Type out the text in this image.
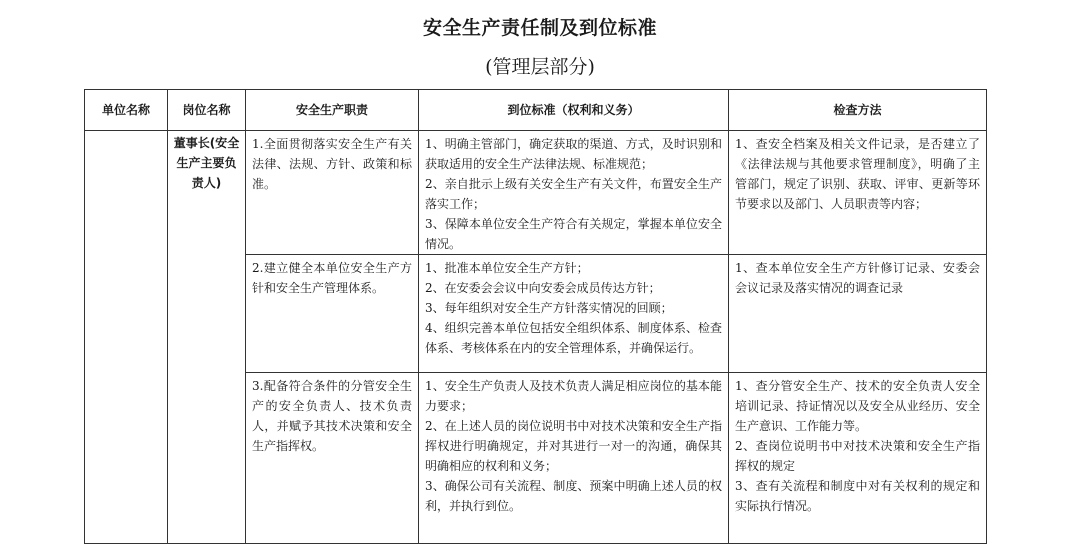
安全生产责任制及到位标准
(管理层部分)
单位名称	岗位名称	安全生产职责	到位标准（权利和义务）	检查方法

	董事长(安全生产主要负责人)	1.全面贯彻落实安全生产有关法律、法规、方针、政策和标准。	1、明确主管部门，确定获取的渠道、方式，及时识别和获取适用的安全生产法律法规、标准规范；
2、亲自批示上级有关安全生产有关文件，布置安全生产落实工作；
3、保障本单位安全生产符合有关规定，掌握本单位安全情况。	1、查安全档案及相关文件记录，是否建立了《法律法规与其他要求管理制度》，明确了主管部门，规定了识别、获取、评审、更新等环节要求以及部门、人员职责等内容；

		2.建立健全本单位安全生产方针和安全生产管理体系。	1、批准本单位安全生产方针；
2、在安委会会议中向安委会成员传达方针；
3、每年组织对安全生产方针落实情况的回顾；
4、组织完善本单位包括安全组织体系、制度体系、检查体系、考核体系在内的安全管理体系，并确保运行。	1、查本单位安全生产方针修订记录、安委会会议记录及落实情况的调查记录

		3.配备符合条件的分管安全生产的安全负责人、技术负责人，并赋予其技术决策和安全生产指挥权。	1、安全生产负责人及技术负责人满足相应岗位的基本能力要求；
2、在上述人员的岗位说明书中对技术决策和安全生产指挥权进行明确规定，并对其进行一对一的沟通，确保其明确相应的权利和义务；
3、确保公司有关流程、制度、预案中明确上述人员的权利，并执行到位。	1、查分管安全生产、技术的安全负责人安全培训记录、持证情况以及安全从业经历、安全生产意识、工作能力等。
2、查岗位说明书中对技术决策和安全生产指挥权的规定
3、查有关流程和制度中对有关权利的规定和实际执行情况。
